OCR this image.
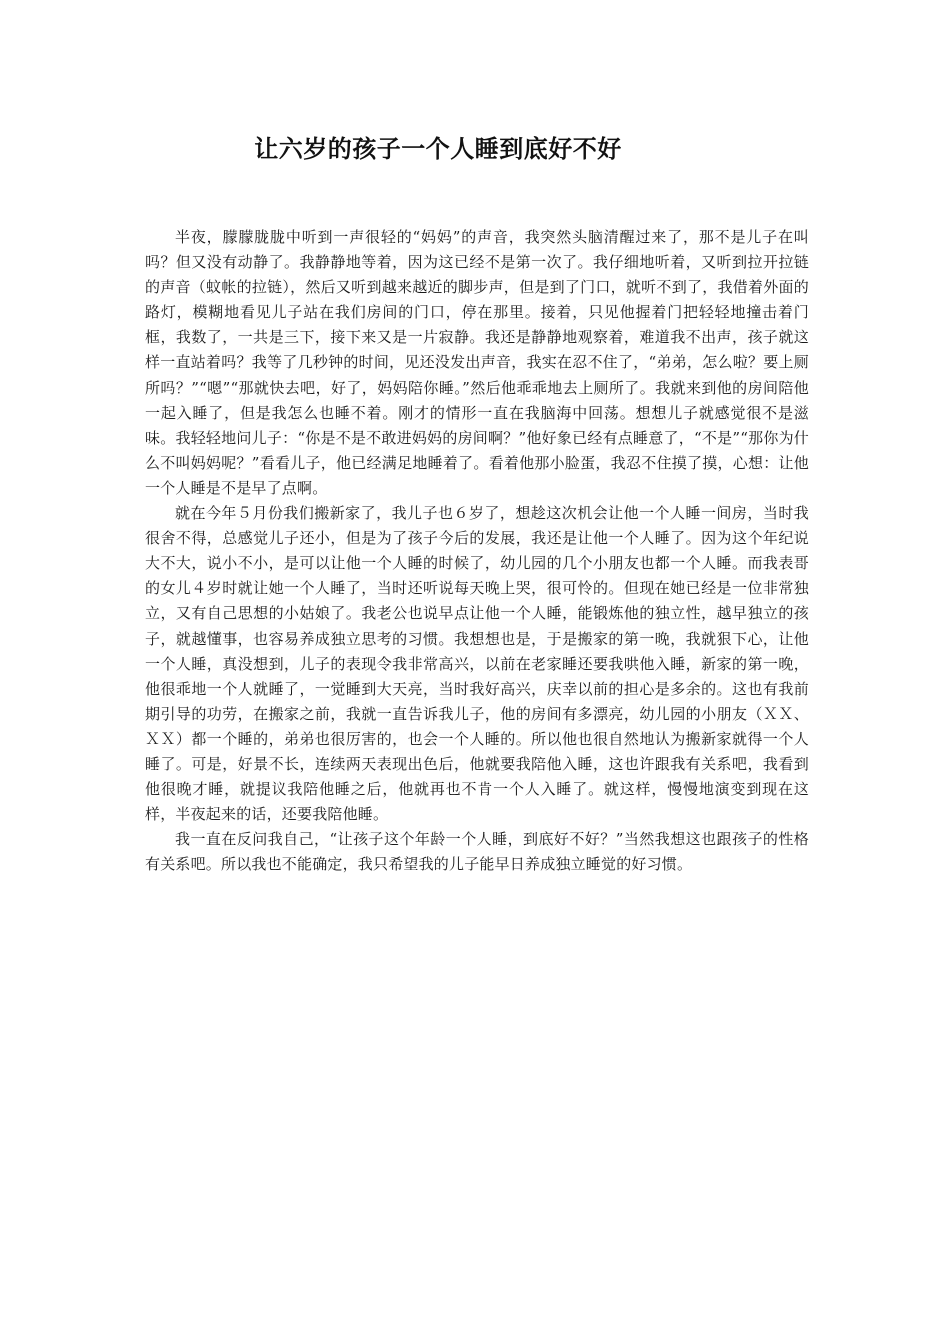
让六岁的孩子一个人睡到底好不好

半夜，朦朦胧胧中听到一声很轻的“妈妈”的声音，我突然头脑清醒过来了，那不是儿子在叫吗？但又没有动静了。我静静地等着，因为这已经不是第一次了。我仔细地听着，又听到拉开拉链的声音（蚊帐的拉链），然后又听到越来越近的脚步声，但是到了门口，就听不到了，我借着外面的路灯，模糊地看见儿子站在我们房间的门口，停在那里。接着，只见他握着门把轻轻地撞击着门框，我数了，一共是三下，接下来又是一片寂静。我还是静静地观察着，难道我不出声，孩子就这样一直站着吗？我等了几秒钟的时间，见还没发出声音，我实在忍不住了，“弟弟，怎么啦？要上厕所吗？”“嗯”“那就快去吧，好了，妈妈陪你睡。”然后他乖乖地去上厕所了。我就来到他的房间陪他一起入睡了，但是我怎么也睡不着。刚才的情形一直在我脑海中回荡。想想儿子就感觉很不是滋味。我轻轻地问儿子：“你是不是不敢进妈妈的房间啊？”他好象已经有点睡意了，“不是”“那你为什么不叫妈妈呢？”看看儿子，他已经满足地睡着了。看着他那小脸蛋，我忍不住摸了摸，心想：让他一个人睡是不是早了点啊。

就在今年５月份我们搬新家了，我儿子也６岁了，想趁这次机会让他一个人睡一间房，当时我很舍不得，总感觉儿子还小，但是为了孩子今后的发展，我还是让他一个人睡了。因为这个年纪说大不大，说小不小，是可以让他一个人睡的时候了，幼儿园的几个小朋友也都一个人睡。而我表哥的女儿４岁时就让她一个人睡了，当时还听说每天晚上哭，很可怜的。但现在她已经是一位非常独立，又有自己思想的小姑娘了。我老公也说早点让他一个人睡，能锻炼他的独立性，越早独立的孩子，就越懂事，也容易养成独立思考的习惯。我想想也是，于是搬家的第一晚，我就狠下心，让他一个人睡，真没想到，儿子的表现令我非常高兴，以前在老家睡还要我哄他入睡，新家的第一晚，他很乖地一个人就睡了，一觉睡到大天亮，当时我好高兴，庆幸以前的担心是多余的。这也有我前期引导的功劳，在搬家之前，我就一直告诉我儿子，他的房间有多漂亮，幼儿园的小朋友（ＸＸ、ＸＸ）都一个睡的，弟弟也很厉害的，也会一个人睡的。所以他也很自然地认为搬新家就得一个人睡了。可是，好景不长，连续两天表现出色后，他就要我陪他入睡，这也许跟我有关系吧，我看到他很晚才睡，就提议我陪他睡之后，他就再也不肯一个人入睡了。就这样，慢慢地演变到现在这样，半夜起来的话，还要我陪他睡。

我一直在反问我自己，“让孩子这个年龄一个人睡，到底好不好？”当然我想这也跟孩子的性格有关系吧。所以我也不能确定，我只希望我的儿子能早日养成独立睡觉的好习惯。
